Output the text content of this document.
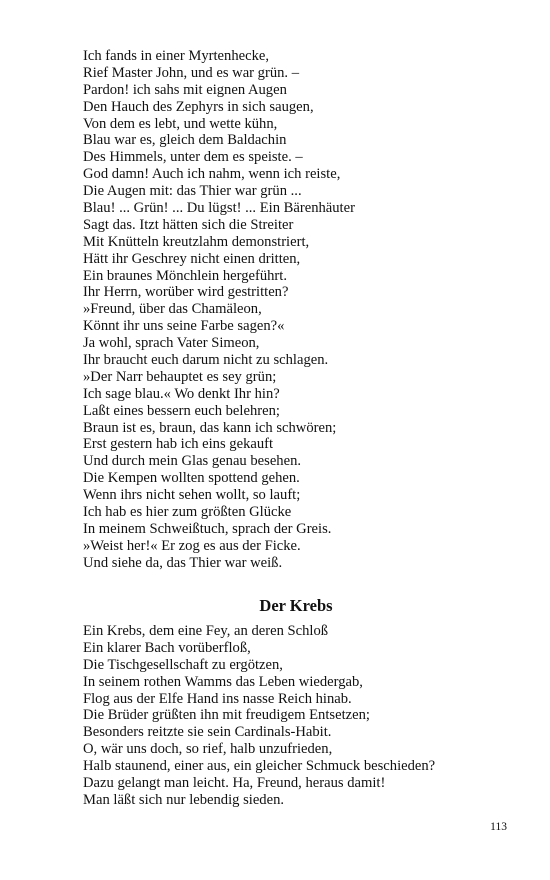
Ich fands in einer Myrtenhecke,
Rief Master John, und es war grün. –
Pardon! ich sahs mit eignen Augen
Den Hauch des Zephyrs in sich saugen,
Von dem es lebt, und wette kühn,
Blau war es, gleich dem Baldachin
Des Himmels, unter dem es speiste. –
God damn! Auch ich nahm, wenn ich reiste,
Die Augen mit: das Thier war grün ...
Blau! ... Grün! ... Du lügst! ... Ein Bärenhäuter
Sagt das. Itzt hätten sich die Streiter
Mit Knütteln kreutzlahm demonstriert,
Hätt ihr Geschrey nicht einen dritten,
Ein braunes Mönchlein hergeführt.
Ihr Herrn, worüber wird gestritten?
»Freund, über das Chamäleon,
Könnt ihr uns seine Farbe sagen?«
Ja wohl, sprach Vater Simeon,
Ihr braucht euch darum nicht zu schlagen.
»Der Narr behauptet es sey grün;
Ich sage blau.« Wo denkt Ihr hin?
Laßt eines bessern euch belehren;
Braun ist es, braun, das kann ich schwören;
Erst gestern hab ich eins gekauft
Und durch mein Glas genau besehen.
Die Kempen wollten spottend gehen.
Wenn ihrs nicht sehen wollt, so lauft;
Ich hab es hier zum größten Glücke
In meinem Schweißtuch, sprach der Greis.
»Weist her!« Er zog es aus der Ficke.
Und siehe da, das Thier war weiß.
Der Krebs
Ein Krebs, dem eine Fey, an deren Schloß
Ein klarer Bach vorüberfloß,
Die Tischgesellschaft zu ergötzen,
In seinem rothen Wamms das Leben wiedergab,
Flog aus der Elfe Hand ins nasse Reich hinab.
Die Brüder grüßten ihn mit freudigem Entsetzen;
Besonders reitzte sie sein Cardinals-Habit.
O, wär uns doch, so rief, halb unzufrieden,
Halb staunend, einer aus, ein gleicher Schmuck beschieden?
Dazu gelangt man leicht. Ha, Freund, heraus damit!
Man läßt sich nur lebendig sieden.
113
